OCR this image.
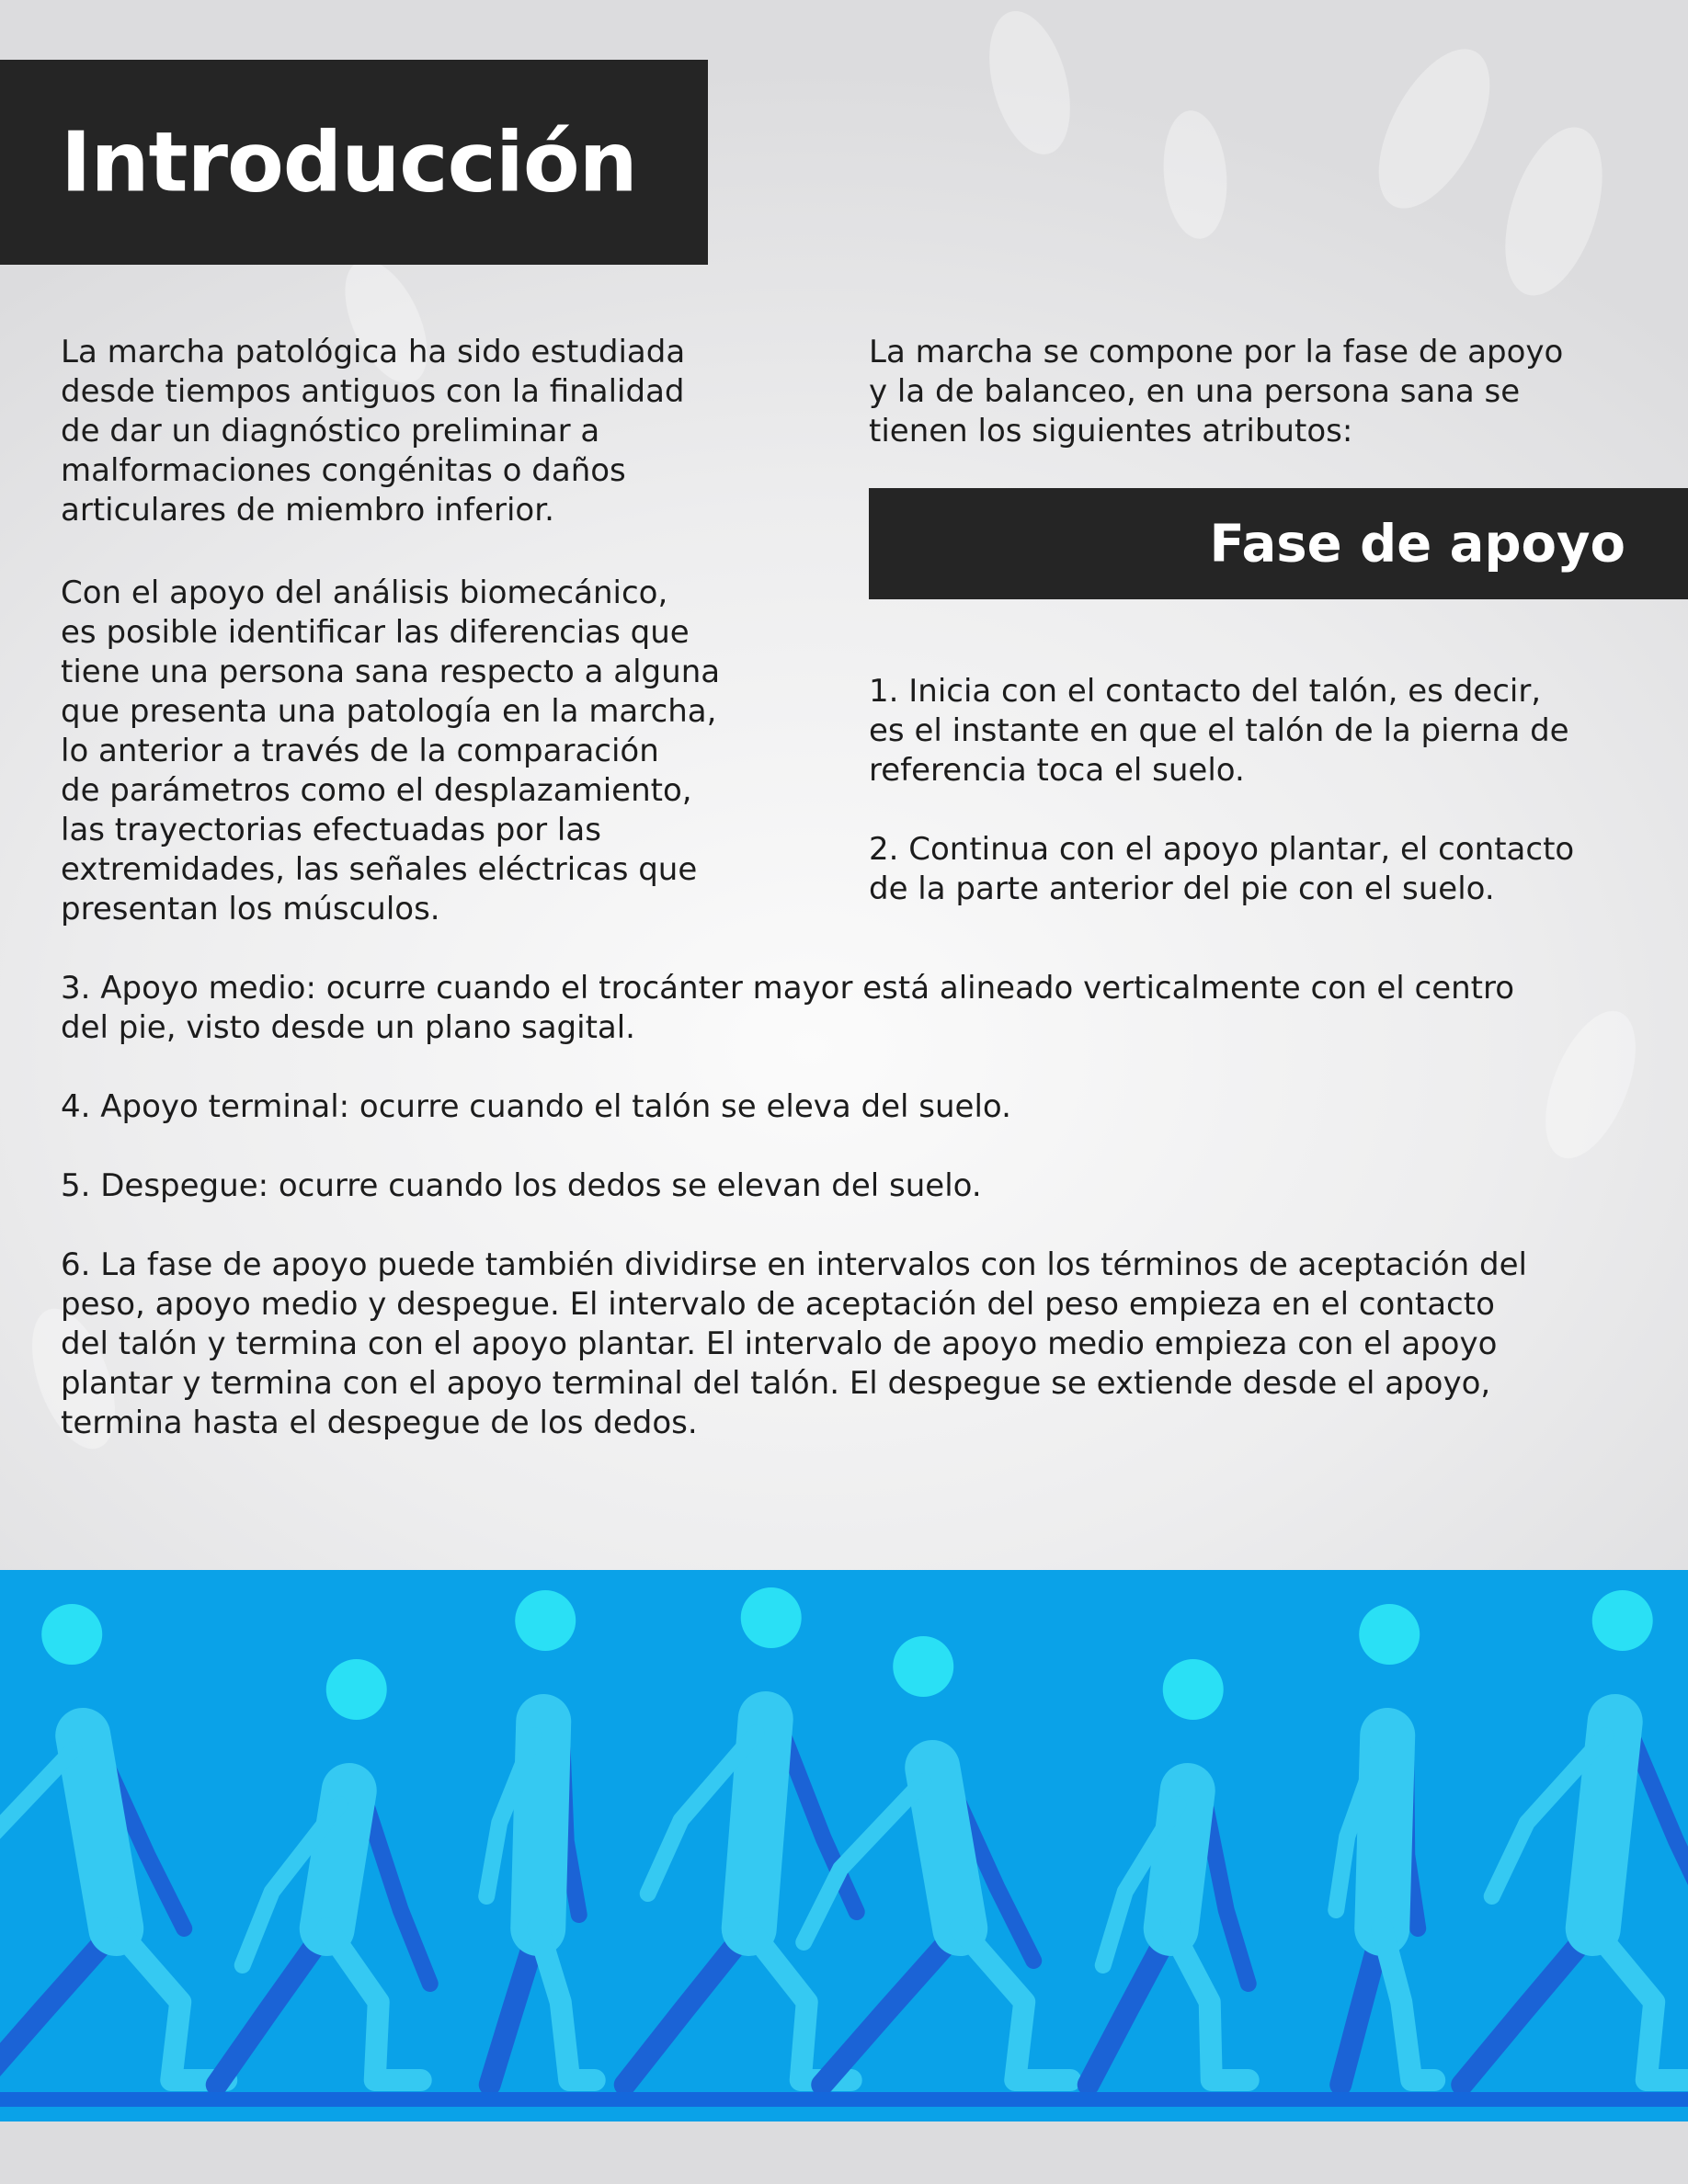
Introducción

La marcha patológica ha sido estudiada
desde tiempos antiguos con la finalidad
de dar un diagnóstico preliminar a
malformaciones congénitas o daños
articulares de miembro inferior.

Con el apoyo del análisis biomecánico,
es posible identificar las diferencias que
tiene una persona sana respecto a alguna
que presenta una patología en la marcha,
lo anterior a través de la comparación
de parámetros como el desplazamiento,
las trayectorias efectuadas por las
extremidades, las señales eléctricas que
presentan los músculos.

La marcha se compone por la fase de apoyo
y la de balanceo, en una persona sana se
tienen los siguientes atributos:

Fase de apoyo

1. Inicia con el contacto del talón, es decir,
es el instante en que el talón de la pierna de
referencia toca el suelo.

2. Continua con el apoyo plantar, el contacto
de la parte anterior del pie con el suelo.

3. Apoyo medio: ocurre cuando el trocánter mayor está alineado verticalmente con el centro
del pie, visto desde un plano sagital.

4. Apoyo terminal: ocurre cuando el talón se eleva del suelo.

5. Despegue: ocurre cuando los dedos se elevan del suelo.

6. La fase de apoyo puede también dividirse en intervalos con los términos de aceptación del
peso, apoyo medio y despegue. El intervalo de aceptación del peso empieza en el contacto
del talón y termina con el apoyo plantar. El intervalo de apoyo medio empieza con el apoyo
plantar y termina con el apoyo terminal del talón. El despegue se extiende desde el apoyo,
termina hasta el despegue de los dedos.
